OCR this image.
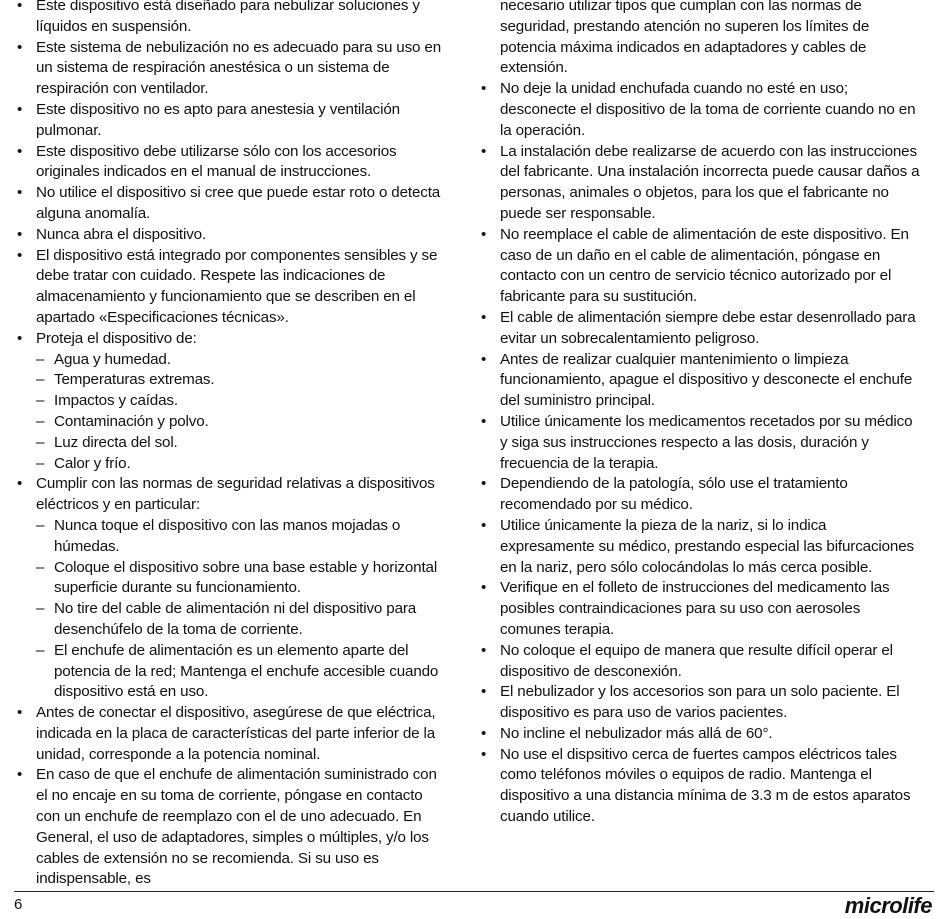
• Este dispositivo está diseñado para nebulizar soluciones y líquidos en suspensión.
• Este sistema de nebulización no es adecuado para su uso en un sistema de respiración anestésica o un sistema de respiración con ventilador.
• Este dispositivo no es apto para anestesia y ventilación pulmonar.
• Este dispositivo debe utilizarse sólo con los accesorios originales indicados en el manual de instrucciones.
• No utilice el dispositivo si cree que puede estar roto o detecta alguna anomalía.
• Nunca abra el dispositivo.
• El dispositivo está integrado por componentes sensibles y se debe tratar con cuidado. Respete las indicaciones de almacenamiento y funcionamiento que se describen en el apartado «Especificaciones técnicas».
• Proteja el dispositivo de:
– Agua y humedad.
– Temperaturas extremas.
– Impactos y caídas.
– Contaminación y polvo.
– Luz directa del sol.
– Calor y frío.
• Cumplir con las normas de seguridad relativas a dispositivos eléctricos y en particular:
– Nunca toque el dispositivo con las manos mojadas o húmedas.
– Coloque el dispositivo sobre una base estable y horizontal superficie durante su funcionamiento.
– No tire del cable de alimentación ni del dispositivo para desenchúfelo de la toma de corriente.
– El enchufe de alimentación es un elemento aparte del potencia de la red; Mantenga el enchufe accesible cuando dispositivo está en uso.
• Antes de conectar el dispositivo, asegúrese de que eléctrica, indicada en la placa de características del parte inferior de la unidad, corresponde a la potencia nominal.
• En caso de que el enchufe de alimentación suministrado con el no encaje en su toma de corriente, póngase en contacto con un enchufe de reemplazo con el de uno adecuado. En General, el uso de adaptadores, simples o múltiples, y/o los cables de extensión no se recomienda. Si su uso es indispensable, es
necesario utilizar tipos que cumplan con las normas de seguridad, prestando atención no superen los límites de potencia máxima indicados en adaptadores y cables de extensión.
• No deje la unidad enchufada cuando no esté en uso; desconecte el dispositivo de la toma de corriente cuando no en la operación.
• La instalación debe realizarse de acuerdo con las instrucciones del fabricante. Una instalación incorrecta puede causar daños a personas, animales o objetos, para los que el fabricante no puede ser responsable.
• No reemplace el cable de alimentación de este dispositivo. En caso de un daño en el cable de alimentación, póngase en contacto con un centro de servicio técnico autorizado por el fabricante para su sustitución.
• El cable de alimentación siempre debe estar desenrollado para evitar un sobrecalentamiento peligroso.
• Antes de realizar cualquier mantenimiento o limpieza funcionamiento, apague el dispositivo y desconecte el enchufe del suministro principal.
• Utilice únicamente los medicamentos recetados por su médico y siga sus instrucciones respecto a las dosis, duración y frecuencia de la terapia.
• Dependiendo de la patología, sólo use el tratamiento recomendado por su médico.
• Utilice únicamente la pieza de la nariz, si lo indica expresamente su médico, prestando especial las bifurcaciones en la nariz, pero sólo colocándolas lo más cerca posible.
• Verifique en el folleto de instrucciones del medicamento las posibles contraindicaciones para su uso con aerosoles comunes terapia.
• No coloque el equipo de manera que resulte difícil operar el dispositivo de desconexión.
• El nebulizador y los accesorios son para un solo paciente. El dispositivo es para uso de varios pacientes.
• No incline el nebulizador más allá de 60°.
• No use el dispsitivo cerca de fuertes campos eléctricos tales como teléfonos móviles o equipos de radio. Mantenga el dispositivo a una distancia mínima de 3.3 m de estos aparatos cuando utilice.
6	microlife
